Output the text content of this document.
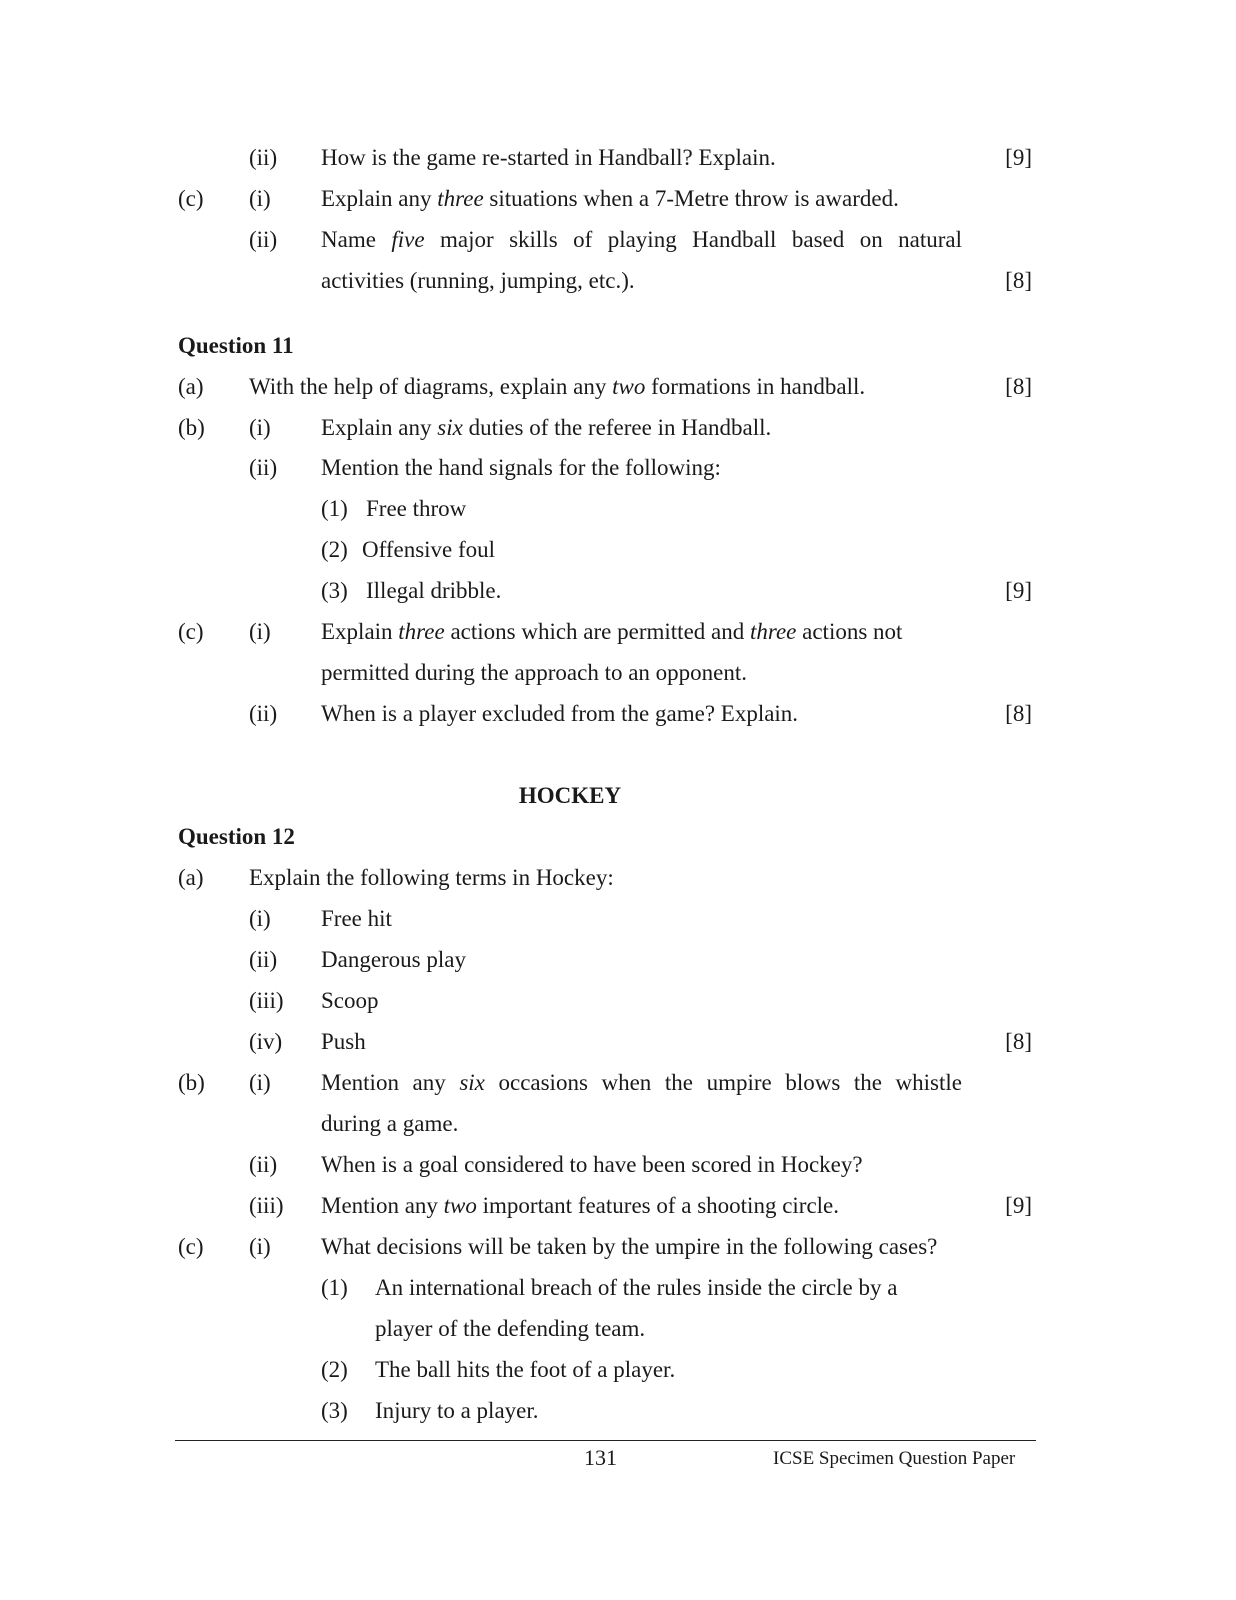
(ii) How is the game re-started in Handball? Explain.	[9]
(c) (i) Explain any three situations when a 7-Metre throw is awarded.
(ii) Name five major skills of playing Handball based on natural
activities (running, jumping, etc.).	[8]
Question 11
(a) With the help of diagrams, explain any two formations in handball.	[8]
(b) (i) Explain any six duties of the referee in Handball.
(ii) Mention the hand signals for the following:
(1) Free throw
(2) Offensive foul
(3) Illegal dribble.	[9]
(c) (i) Explain three actions which are permitted and three actions not
permitted during the approach to an opponent.
(ii) When is a player excluded from the game? Explain.	[8]
HOCKEY
Question 12
(a) Explain the following terms in Hockey:
(i) Free hit
(ii) Dangerous play
(iii) Scoop
(iv) Push	[8]
(b) (i) Mention any six occasions when the umpire blows the whistle
during a game.
(ii) When is a goal considered to have been scored in Hockey?
(iii) Mention any two important features of a shooting circle.	[9]
(c) (i) What decisions will be taken by the umpire in the following cases?
(1) An international breach of the rules inside the circle by a
player of the defending team.
(2) The ball hits the foot of a player.
(3) Injury to a player.
131	ICSE Specimen Question Paper
